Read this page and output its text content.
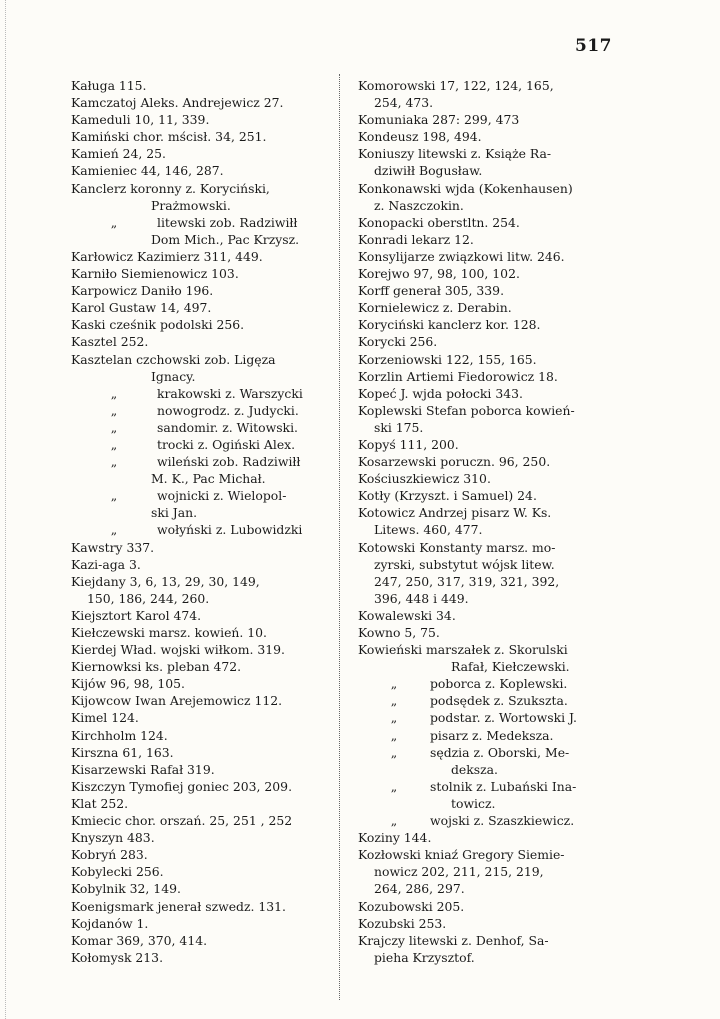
517
Kaługa 115.
Kamczatoj Aleks. Andrejewicz 27.
Kameduli 10, 11, 339.
Kamiński chor. mścisł. 34, 251.
Kamień 24, 25.
Kamieniec 44, 146, 287.
Kanclerz koronny z. Koryciński,
Prażmowski.
„	litewski zob. Radziwiłł
Dom Mich., Pac Krzysz.
Karłowicz Kazimierz 311, 449.
Karniło Siemienowicz 103.
Karpowicz Daniło 196.
Karol Gustaw 14, 497.
Kaski cześnik podolski 256.
Kasztel 252.
Kasztelan czchowski zob. Ligęza
Ignacy.
„	krakowski z. Warszycki
„	nowogrodz. z. Judycki.
„	sandomir. z. Witowski.
„	trocki z. Ogiński Alex.
„	wileński zob. Radziwiłł
M. K., Pac Michał.
„	wojnicki z. Wielopol-
ski Jan.
„	wołyński z. Lubowidzki
Kawstry 337.
Kazi-aga 3.
Kiejdany 3, 6, 13, 29, 30, 149,
150, 186, 244, 260.
Kiejsztort Karol 474.
Kiełczewski marsz. kowień. 10.
Kierdej Wład. wojski wiłkom. 319.
Kiernowksi ks. pleban 472.
Kijów 96, 98, 105.
Kijowcow Iwan Arejemowicz 112.
Kimel 124.
Kirchholm 124.
Kirszna 61, 163.
Kisarzewski Rafał 319.
Kiszczyn Tymofiej goniec 203, 209.
Klat 252.
Kmiecic chor. orszań. 25, 251 , 252
Knyszyn 483.
Kobryń 283.
Kobylecki 256.
Kobylnik 32, 149.
Koenigsmark jenerał szwedz. 131.
Kojdanów 1.
Komar 369, 370, 414.
Kołomysk 213.
Komorowski 17, 122, 124, 165,
254, 473.
Komuniaka 287: 299, 473
Kondeusz 198, 494.
Koniuszy litewski z. Książe Ra-
dziwiłł Bogusław.
Konkonawski wjda (Kokenhausen)
z. Naszczokin.
Konopacki oberstltn. 254.
Konradi lekarz 12.
Konsylijarze związkowi litw. 246.
Korejwo 97, 98, 100, 102.
Korff generał 305, 339.
Kornielewicz z. Derabin.
Koryciński kanclerz kor. 128.
Korycki 256.
Korzeniowski 122, 155, 165.
Korzlin Artiemi Fiedorowicz 18.
Kopeć J. wjda połocki 343.
Koplewski Stefan poborca kowień-
ski 175.
Kopyś 111, 200.
Kosarzewski poruczn. 96, 250.
Kościuszkiewicz 310.
Kotły (Krzyszt. i Samuel) 24.
Kotowicz Andrzej pisarz W. Ks.
Litews. 460, 477.
Kotowski Konstanty marsz. mo-
zyrski, substytut wójsk litew.
247, 250, 317, 319, 321, 392,
396, 448 i 449.
Kowalewski 34.
Kowno 5, 75.
Kowieński marszałek z. Skorulski
Rafał, Kiełczewski.
„	poborca z. Koplewski.
„	podsędek z. Szukszta.
„	podstar. z. Wortowski J.
„	pisarz z. Medeksza.
„	sędzia z. Oborski, Me-
deksza.
„	stolnik z. Lubański Ina-
towicz.
„	wojski z. Szaszkiewicz.
Koziny 144.
Kozłowski kniaź Gregory Siemie-
nowicz 202, 211, 215, 219,
264, 286, 297.
Kozubowski 205.
Kozubski 253.
Krajczy litewski z. Denhof, Sa-
pieha Krzysztof.
